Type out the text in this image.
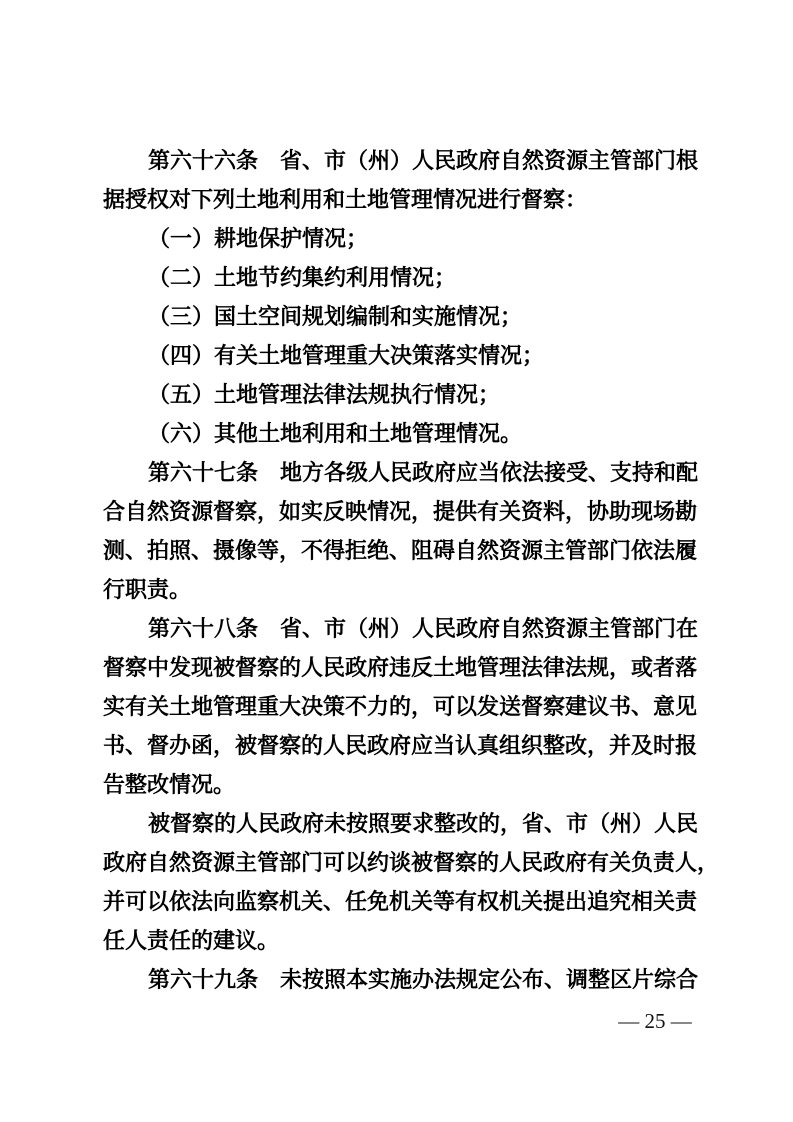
第六十六条　省、市（州）人民政府自然资源主管部门根
据授权对下列土地利用和土地管理情况进行督察：
（一）耕地保护情况；
（二）土地节约集约利用情况；
（三）国土空间规划编制和实施情况；
（四）有关土地管理重大决策落实情况；
（五）土地管理法律法规执行情况；
（六）其他土地利用和土地管理情况。
第六十七条　地方各级人民政府应当依法接受、支持和配
合自然资源督察，如实反映情况，提供有关资料，协助现场勘
测、拍照、摄像等，不得拒绝、阻碍自然资源主管部门依法履
行职责。
第六十八条　省、市（州）人民政府自然资源主管部门在
督察中发现被督察的人民政府违反土地管理法律法规，或者落
实有关土地管理重大决策不力的，可以发送督察建议书、意见
书、督办函，被督察的人民政府应当认真组织整改，并及时报
告整改情况。
被督察的人民政府未按照要求整改的，省、市（州）人民
政府自然资源主管部门可以约谈被督察的人民政府有关负责人，
并可以依法向监察机关、任免机关等有权机关提出追究相关责
任人责任的建议。
第六十九条　未按照本实施办法规定公布、调整区片综合
— 25 —
